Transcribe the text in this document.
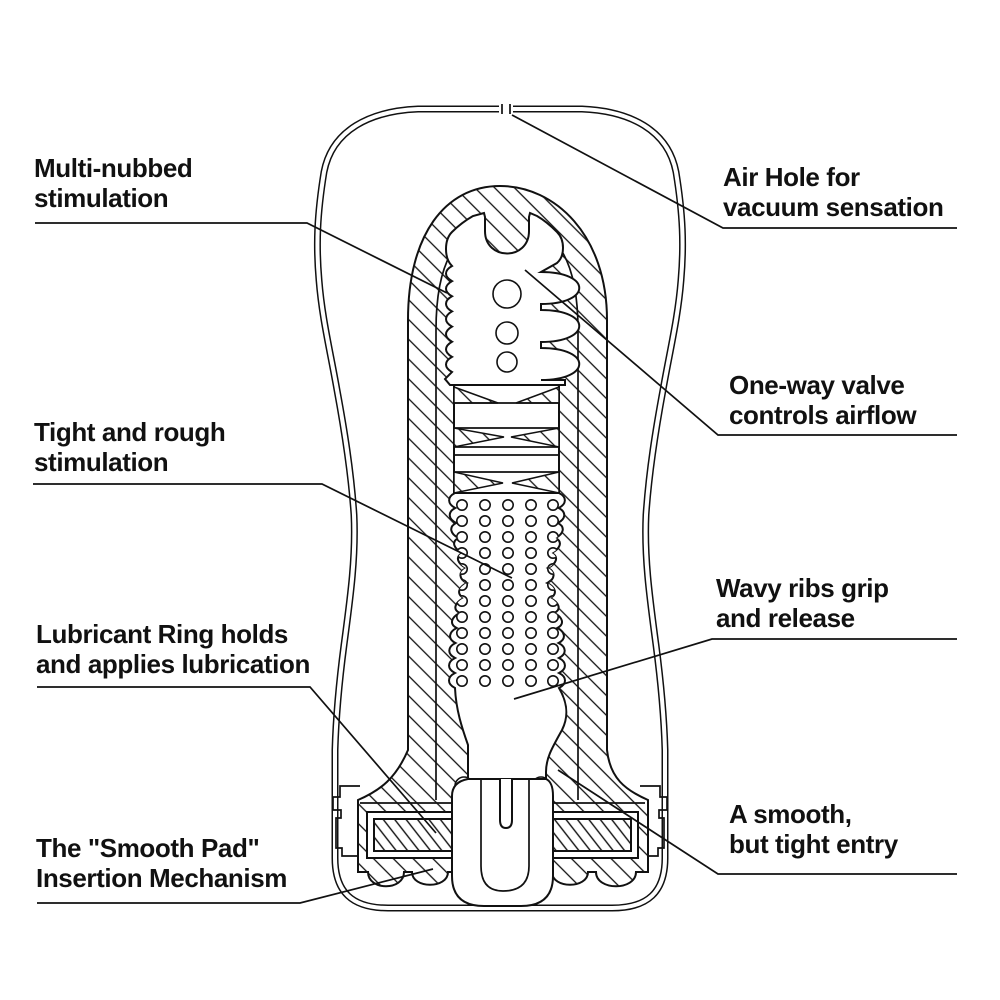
Multi-nubbed
stimulation
Air Hole for
vacuum sensation
One-way valve
controls airflow
Tight and rough
stimulation
Wavy ribs grip
and release
Lubricant Ring holds
and applies lubrication
The "Smooth Pad"
Insertion Mechanism
A smooth,
but tight entry
